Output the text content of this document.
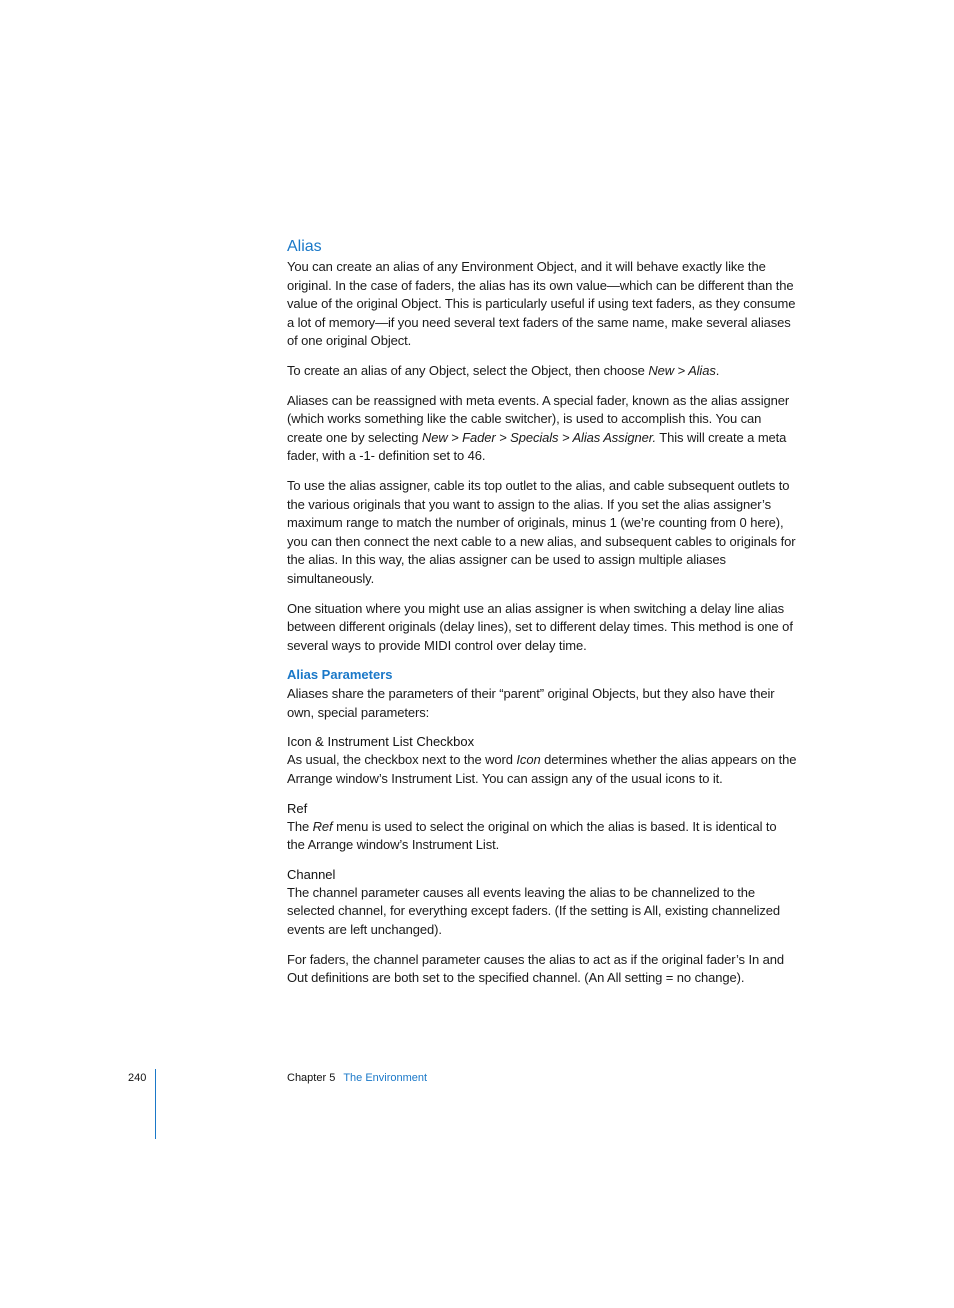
Alias

You can create an alias of any Environment Object, and it will behave exactly like the original. In the case of faders, the alias has its own value—which can be different than the value of the original Object. This is particularly useful if using text faders, as they consume a lot of memory—if you need several text faders of the same name, make several aliases of one original Object.

To create an alias of any Object, select the Object, then choose New > Alias.

Aliases can be reassigned with meta events. A special fader, known as the alias assigner (which works something like the cable switcher), is used to accomplish this. You can create one by selecting New > Fader > Specials > Alias Assigner. This will create a meta fader, with a -1- definition set to 46.

To use the alias assigner, cable its top outlet to the alias, and cable subsequent outlets to the various originals that you want to assign to the alias. If you set the alias assigner’s maximum range to match the number of originals, minus 1 (we’re counting from 0 here), you can then connect the next cable to a new alias, and subsequent cables to originals for the alias. In this way, the alias assigner can be used to assign multiple aliases simultaneously.

One situation where you might use an alias assigner is when switching a delay line alias between different originals (delay lines), set to different delay times. This method is one of several ways to provide MIDI control over delay time.

Alias Parameters

Aliases share the parameters of their “parent” original Objects, but they also have their own, special parameters:

Icon & Instrument List Checkbox

As usual, the checkbox next to the word Icon determines whether the alias appears on the Arrange window’s Instrument List. You can assign any of the usual icons to it.

Ref

The Ref menu is used to select the original on which the alias is based. It is identical to the Arrange window’s Instrument List.

Channel

The channel parameter causes all events leaving the alias to be channelized to the selected channel, for everything except faders. (If the setting is All, existing channelized events are left unchanged).

For faders, the channel parameter causes the alias to act as if the original fader’s In and Out definitions are both set to the specified channel. (An All setting = no change).

240	Chapter 5 The Environment
